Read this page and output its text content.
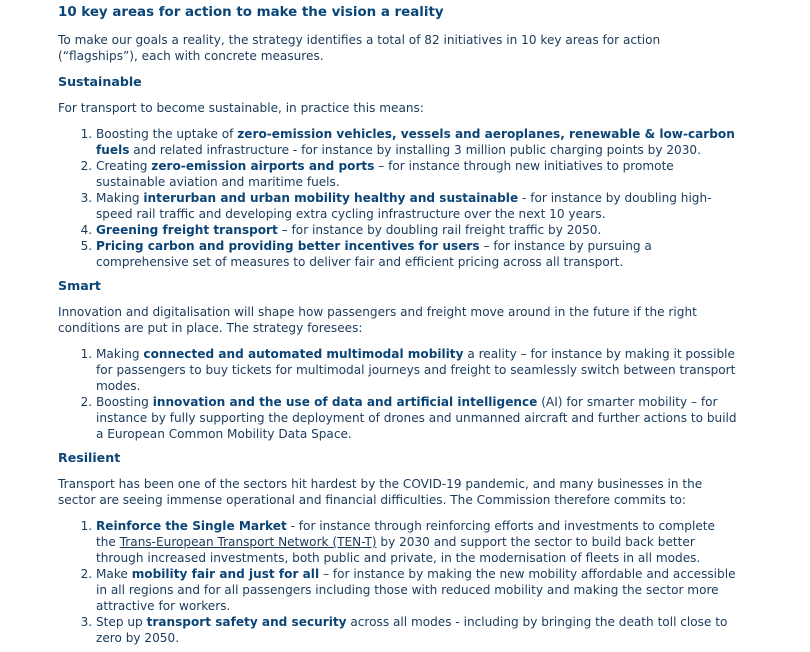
10 key areas for action to make the vision a reality

To make our goals a reality, the strategy identifies a total of 82 initiatives in 10 key areas for action (“flagships”), each with concrete measures.

Sustainable

For transport to become sustainable, in practice this means:

1. Boosting the uptake of zero-emission vehicles, vessels and aeroplanes, renewable & low-carbon fuels and related infrastructure - for instance by installing 3 million public charging points by 2030.
2. Creating zero-emission airports and ports – for instance through new initiatives to promote sustainable aviation and maritime fuels.
3. Making interurban and urban mobility healthy and sustainable - for instance by doubling high-speed rail traffic and developing extra cycling infrastructure over the next 10 years.
4. Greening freight transport – for instance by doubling rail freight traffic by 2050.
5. Pricing carbon and providing better incentives for users – for instance by pursuing a comprehensive set of measures to deliver fair and efficient pricing across all transport.
Smart

Innovation and digitalisation will shape how passengers and freight move around in the future if the right conditions are put in place. The strategy foresees:

1. Making connected and automated multimodal mobility a reality – for instance by making it possible for passengers to buy tickets for multimodal journeys and freight to seamlessly switch between transport modes.
2. Boosting innovation and the use of data and artificial intelligence (AI) for smarter mobility – for instance by fully supporting the deployment of drones and unmanned aircraft and further actions to build a European Common Mobility Data Space.
Resilient

Transport has been one of the sectors hit hardest by the COVID-19 pandemic, and many businesses in the sector are seeing immense operational and financial difficulties. The Commission therefore commits to:

1. Reinforce the Single Market - for instance through reinforcing efforts and investments to complete the Trans-European Transport Network (TEN-T) by 2030 and support the sector to build back better through increased investments, both public and private, in the modernisation of fleets in all modes.
2. Make mobility fair and just for all – for instance by making the new mobility affordable and accessible in all regions and for all passengers including those with reduced mobility and making the sector more attractive for workers.
3. Step up transport safety and security across all modes - including by bringing the death toll close to zero by 2050.
